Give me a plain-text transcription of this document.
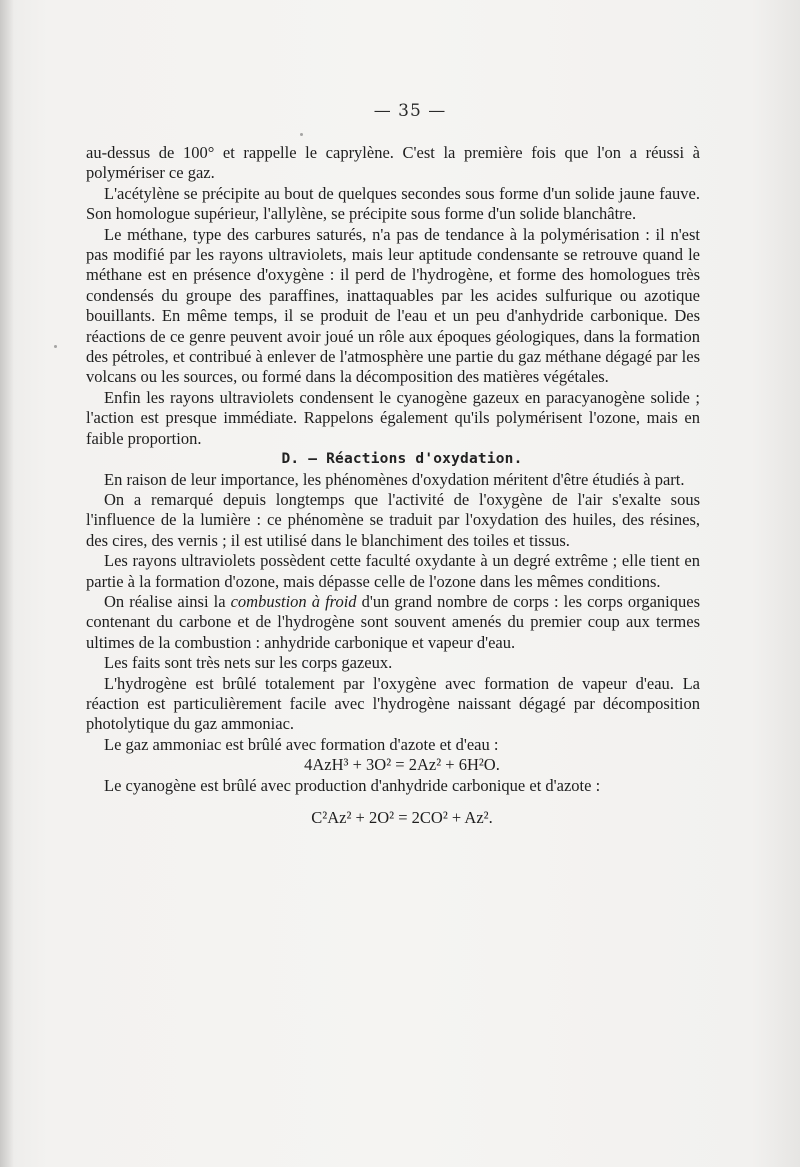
— 35 —

au-dessus de 100° et rappelle le caprylène. C'est la première fois que l'on a réussi à polymériser ce gaz.

L'acétylène se précipite au bout de quelques secondes sous forme d'un solide jaune fauve. Son homologue supérieur, l'allylène, se précipite sous forme d'un solide blanchâtre.

Le méthane, type des carbures saturés, n'a pas de tendance à la polymérisation : il n'est pas modifié par les rayons ultraviolets, mais leur aptitude condensante se retrouve quand le méthane est en présence d'oxygène : il perd de l'hydrogène, et forme des homologues très condensés du groupe des paraffines, inattaquables par les acides sulfurique ou azotique bouillants. En même temps, il se produit de l'eau et un peu d'anhydride carbonique. Des réactions de ce genre peuvent avoir joué un rôle aux époques géologiques, dans la formation des pétroles, et contribué à enlever de l'atmosphère une partie du gaz méthane dégagé par les volcans ou les sources, ou formé dans la décomposition des matières végétales.

Enfin les rayons ultraviolets condensent le cyanogène gazeux en paracyanogène solide ; l'action est presque immédiate. Rappelons également qu'ils polymérisent l'ozone, mais en faible proportion.

D. — Réactions d'oxydation.

En raison de leur importance, les phénomènes d'oxydation méritent d'être étudiés à part.

On a remarqué depuis longtemps que l'activité de l'oxygène de l'air s'exalte sous l'influence de la lumière : ce phénomène se traduit par l'oxydation des huiles, des résines, des cires, des vernis ; il est utilisé dans le blanchiment des toiles et tissus.

Les rayons ultraviolets possèdent cette faculté oxydante à un degré extrême ; elle tient en partie à la formation d'ozone, mais dépasse celle de l'ozone dans les mêmes conditions.

On réalise ainsi la combustion à froid d'un grand nombre de corps : les corps organiques contenant du carbone et de l'hydrogène sont souvent amenés du premier coup aux termes ultimes de la combustion : anhydride carbonique et vapeur d'eau.

Les faits sont très nets sur les corps gazeux.

L'hydrogène est brûlé totalement par l'oxygène avec formation de vapeur d'eau. La réaction est particulièrement facile avec l'hydrogène naissant dégagé par décomposition photolytique du gaz ammoniac.

Le gaz ammoniac est brûlé avec formation d'azote et d'eau :

4AzH³ + 3O² = 2Az² + 6H²O.

Le cyanogène est brûlé avec production d'anhydride carbonique et d'azote :

C²Az² + 2O² = 2CO² + Az².
